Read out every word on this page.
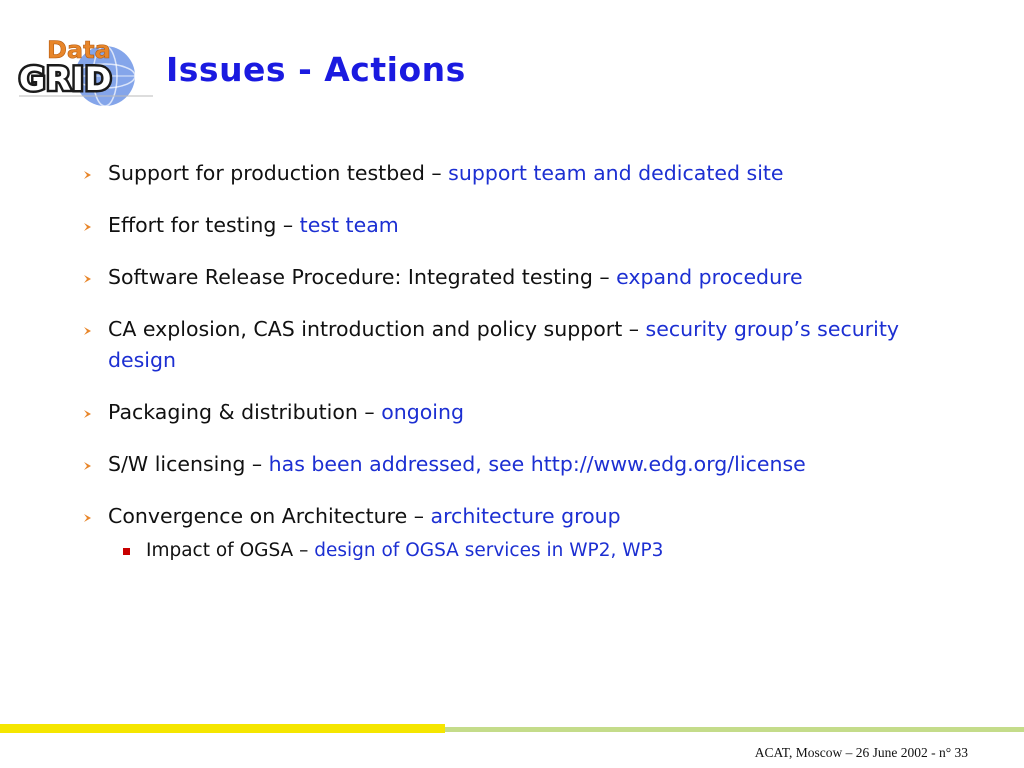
Data
GRID Issues - Actions
Support for production testbed – support team and dedicated site
Effort for testing – test team
Software Release Procedure: Integrated testing – expand procedure
CA explosion, CAS introduction and policy support – security group’s security design
Packaging & distribution – ongoing
S/W licensing – has been addressed, see http://www.edg.org/license
Convergence on Architecture – architecture group
Impact of OGSA – design of OGSA services in WP2, WP3
ACAT, Moscow – 26 June 2002 - n° 33
